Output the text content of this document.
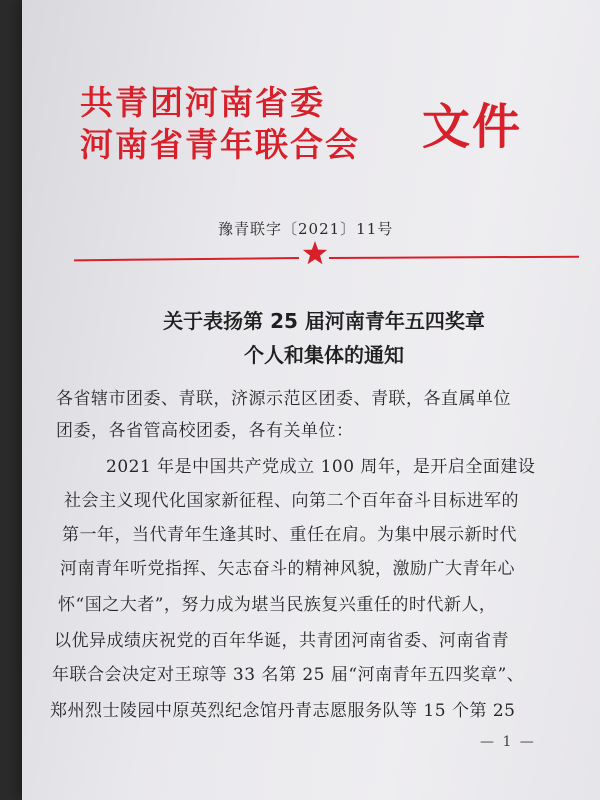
共青团河南省委
河南省青年联合会 文件
豫青联字〔2021〕11号
关于表扬第 25 届河南青年五四奖章
个人和集体的通知
各省辖市团委、青联，济源示范区团委、青联，各直属单位
团委，各省管高校团委，各有关单位：
2021 年是中国共产党成立 100 周年，是开启全面建设
社会主义现代化国家新征程、向第二个百年奋斗目标进军的
第一年，当代青年生逢其时、重任在肩。为集中展示新时代
河南青年听党指挥、矢志奋斗的精神风貌，激励广大青年心
怀“国之大者”，努力成为堪当民族复兴重任的时代新人，
以优异成绩庆祝党的百年华诞，共青团河南省委、河南省青
年联合会决定对王琼等 33 名第 25 届“河南青年五四奖章”、
郑州烈士陵园中原英烈纪念馆丹青志愿服务队等 15 个第 25
— 1 —
